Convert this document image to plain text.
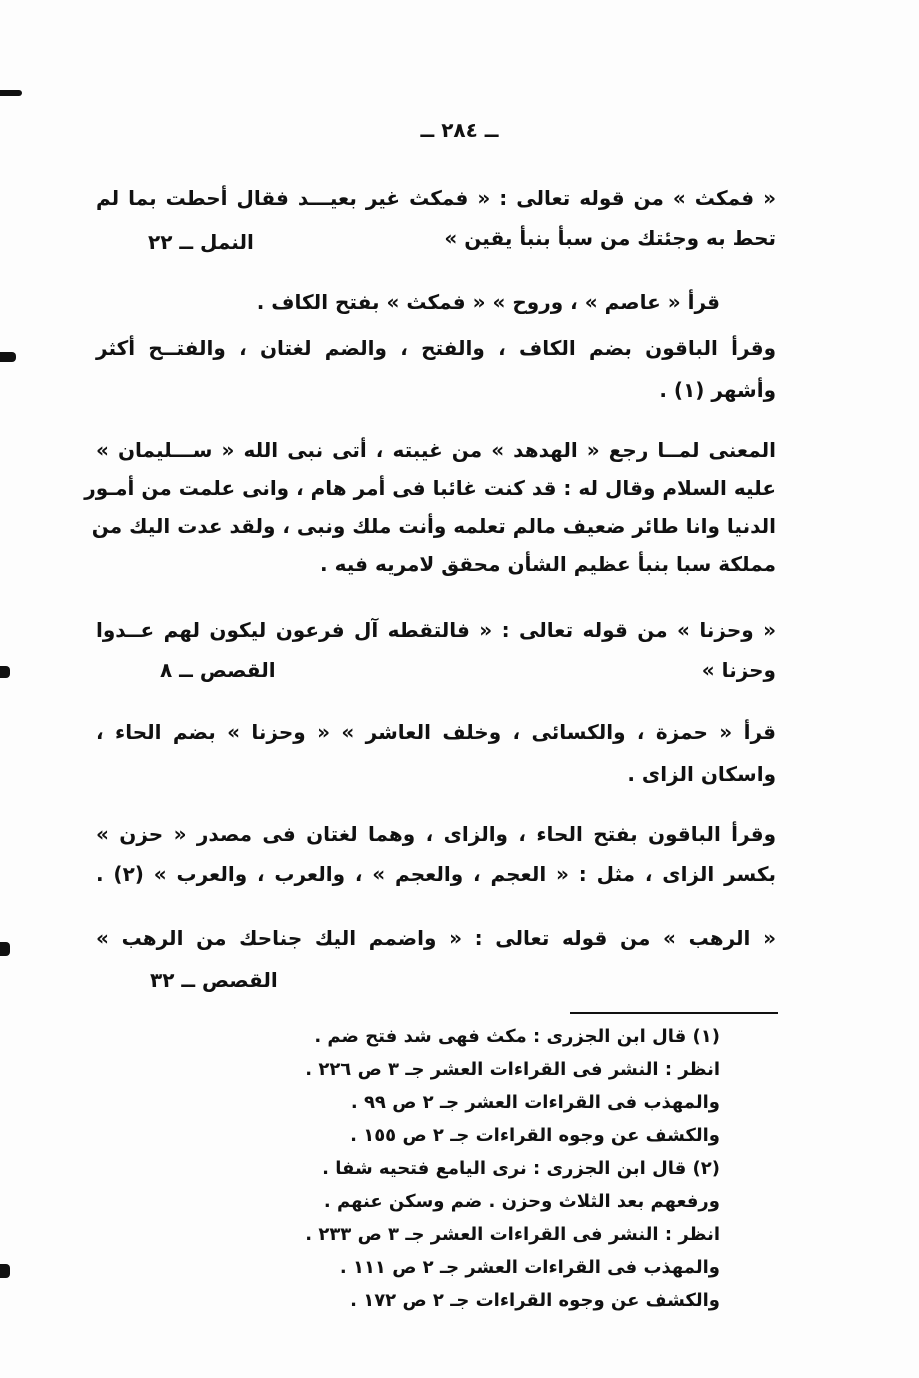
ــ ٢٨٤ ــ
« فمكث » من قوله تعالى : « فمكث غير بعيـــد فقال أحطت بما لم
تحط به وجئتك من سبأ بنبأ يقين »
النمل ــ ٢٢
قرأ « عاصم » ، وروح » « فمكث » بفتح الكاف .
وقرأ الباقون بضم الكاف ، والفتح ، والضم لغتان ، والفتــح أكثر
وأشهر (١) .
المعنى لمــا رجع « الهدهد » من غيبته ، أتى نبى الله « ســـليمان »
عليه السلام وقال له : قد كنت غائبا فى أمر هام ، وانى علمت من أمـور
الدنيا وانا طائر ضعيف مالم تعلمه وأنت ملك ونبى ، ولقد عدت اليك من
مملكة سبا بنبأ عظيم الشأن محقق لامريه فيه .
« وحزنا » من قوله تعالى : « فالتقطه آل فرعون ليكون لهم عــدوا
وحزنا »
القصص ــ ٨
قرأ « حمزة ، والكسائى ، وخلف العاشر » « وحزنا » بضم الحاء ،
واسكان الزاى .
وقرأ الباقون بفتح الحاء ، والزاى ، وهما لغتان فى مصدر « حزن »
بكسر الزاى ، مثل : « العجم ، والعجم » ، والعرب ، والعرب » (٢) .
« الرهب » من قوله تعالى : « واضمم اليك جناحك من الرهب »
القصص ــ ٣٢
(١) قال ابن الجزرى : مكث فهى شد فتح ضم .
انظر : النشر فى القراءات العشر جـ ٣ ص ٢٢٦ .
والمهذب فى القراءات العشر جـ ٢ ص ٩٩ .
والكشف عن وجوه القراءات جـ ٢ ص ١٥٥ .
(٢) قال ابن الجزرى : نرى اليامع فتحيه شفا .
ورفعهم بعد الثلاث وحزن . ضم وسكن عنهم .
انظر : النشر فى القراءات العشر جـ ٣ ص ٢٣٣ .
والمهذب فى القراءات العشر جـ ٢ ص ١١١ .
والكشف عن وجوه القراءات جـ ٢ ص ١٧٢ .
